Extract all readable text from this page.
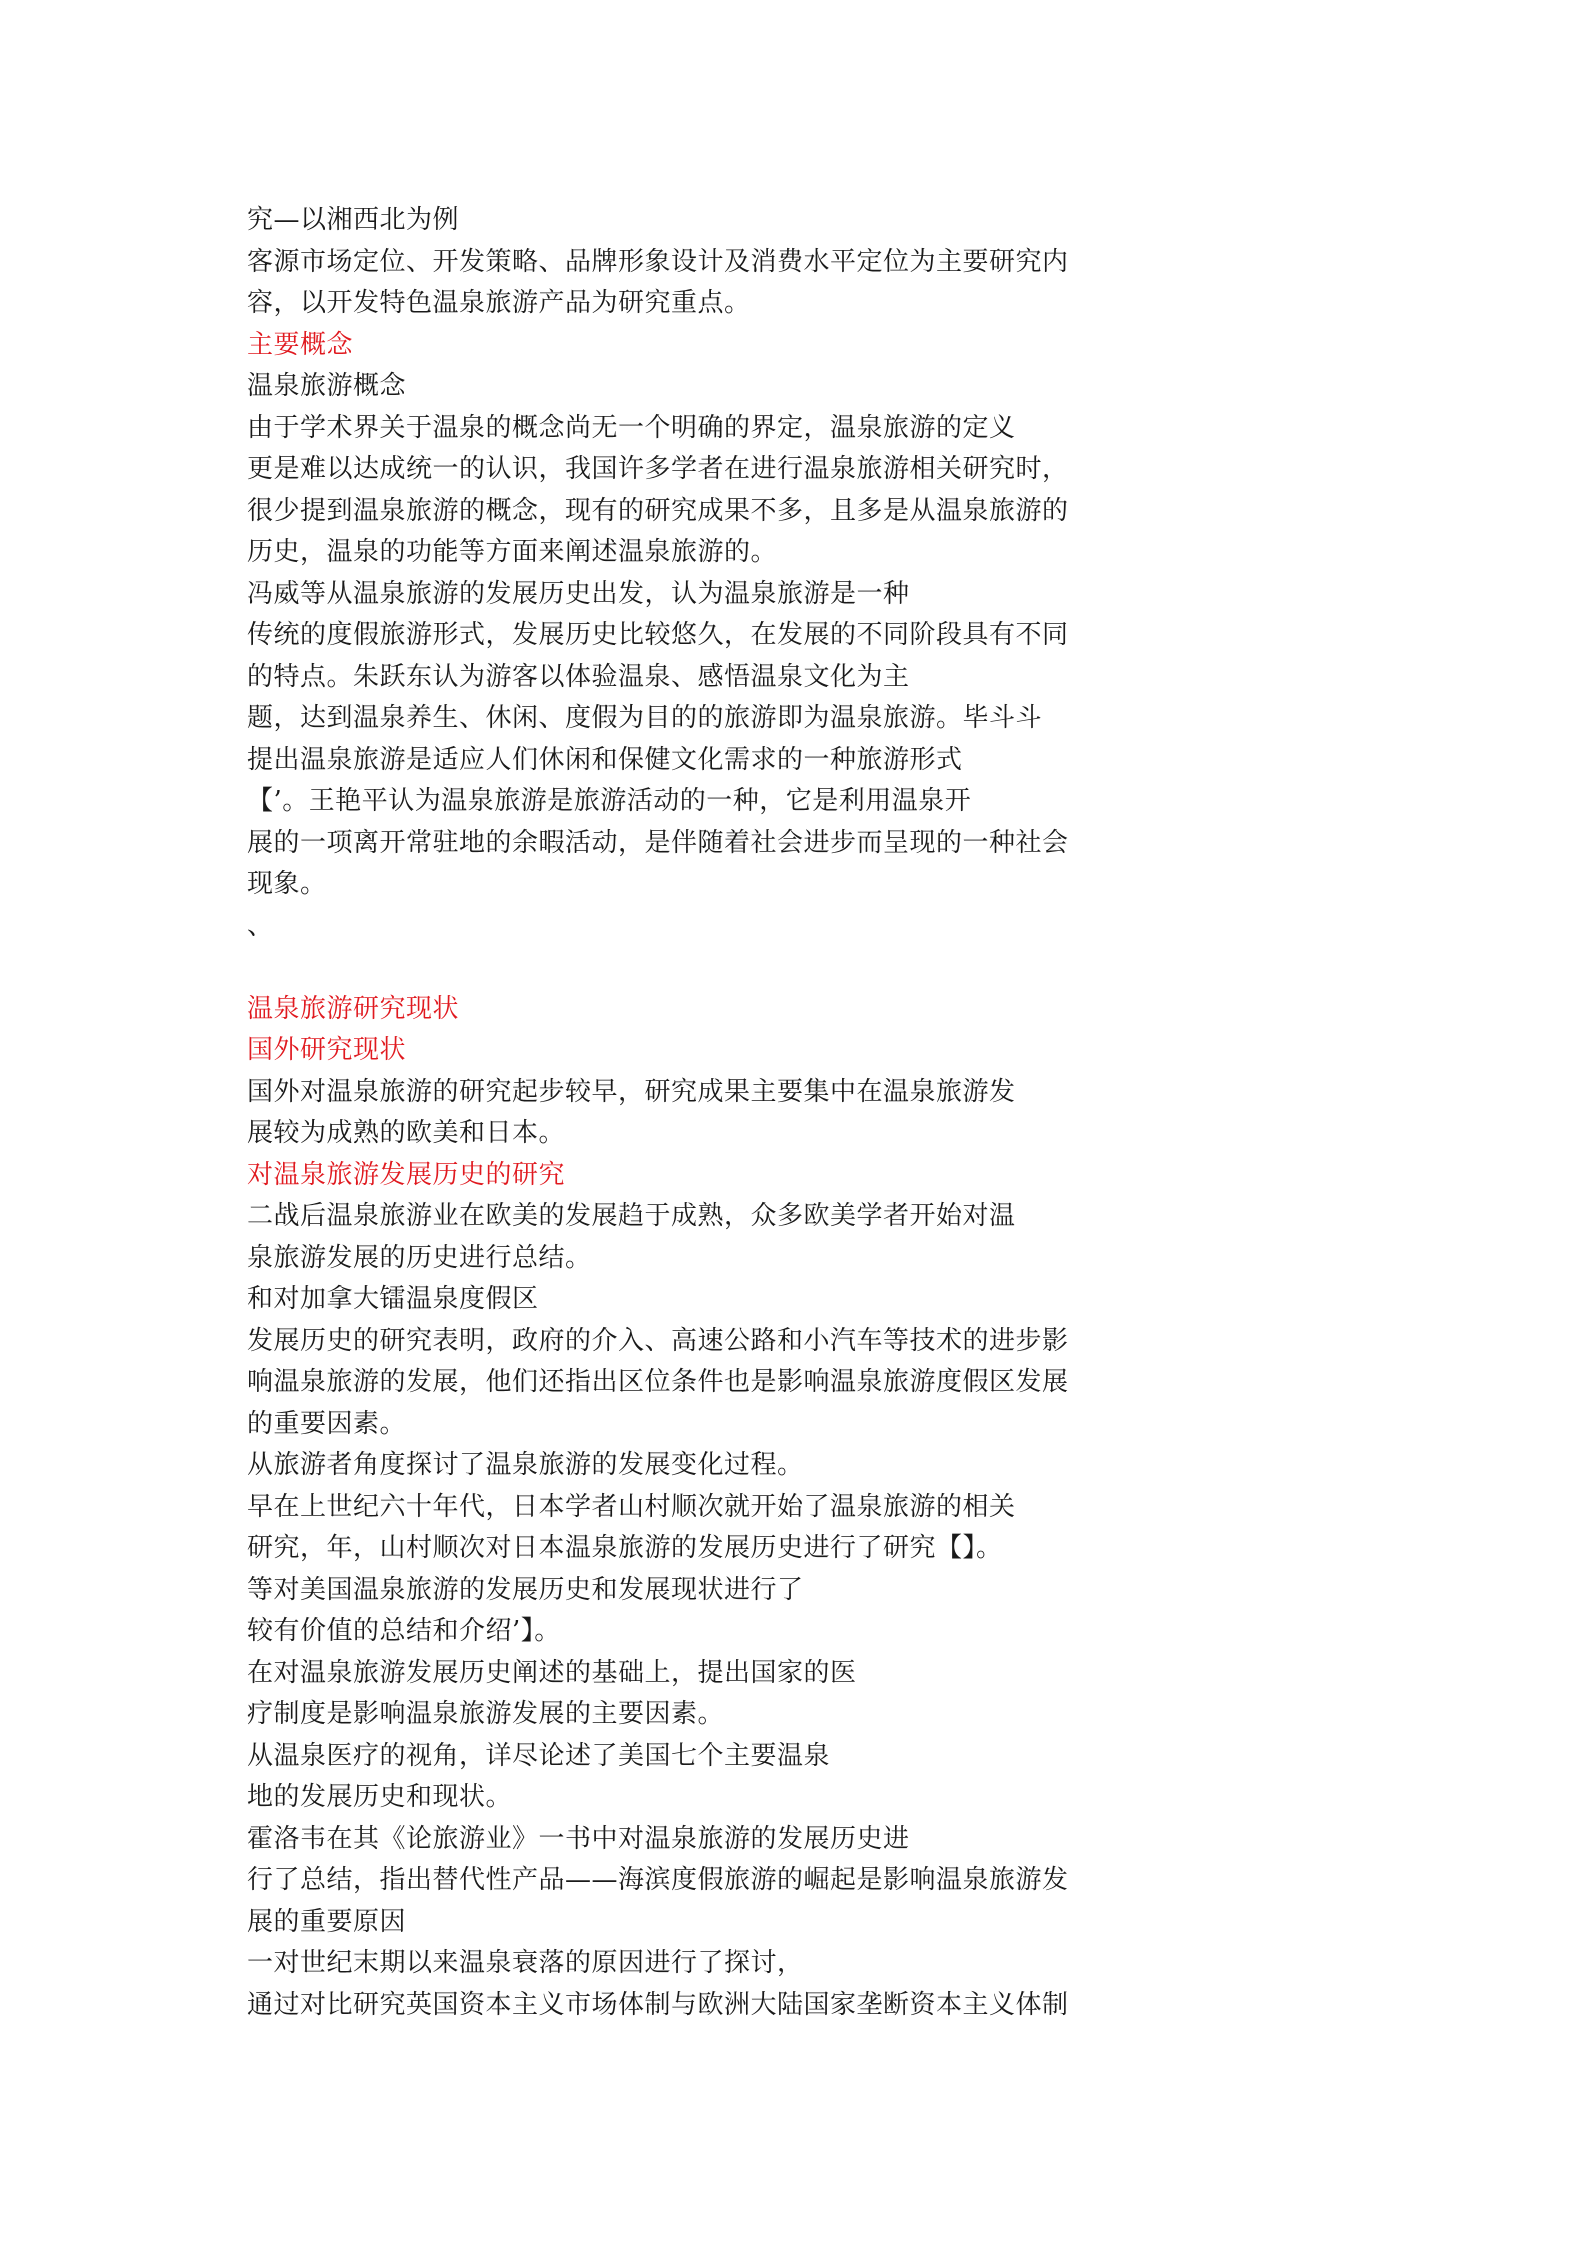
究—以湘西北为例
客源市场定位、开发策略、品牌形象设计及消费水平定位为主要研究内
容，以开发特色温泉旅游产品为研究重点。
主要概念
温泉旅游概念
由于学术界关于温泉的概念尚无一个明确的界定，温泉旅游的定义
更是难以达成统一的认识，我国许多学者在进行温泉旅游相关研究时，
很少提到温泉旅游的概念，现有的研究成果不多，且多是从温泉旅游的
历史，温泉的功能等方面来阐述温泉旅游的。
冯威等从温泉旅游的发展历史出发，认为温泉旅游是一种
传统的度假旅游形式，发展历史比较悠久，在发展的不同阶段具有不同
的特点。朱跃东认为游客以体验温泉、感悟温泉文化为主
题，达到温泉养生、休闲、度假为目的的旅游即为温泉旅游。毕斗斗
提出温泉旅游是适应人们休闲和保健文化需求的一种旅游形式
【’。王艳平认为温泉旅游是旅游活动的一种，它是利用温泉开
展的一项离开常驻地的余暇活动，是伴随着社会进步而呈现的一种社会
现象。
、
温泉旅游研究现状
国外研究现状
国外对温泉旅游的研究起步较早，研究成果主要集中在温泉旅游发
展较为成熟的欧美和日本。
对温泉旅游发展历史的研究
二战后温泉旅游业在欧美的发展趋于成熟，众多欧美学者开始对温
泉旅游发展的历史进行总结。
和对加拿大镭温泉度假区
发展历史的研究表明，政府的介入、高速公路和小汽车等技术的进步影
响温泉旅游的发展，他们还指出区位条件也是影响温泉旅游度假区发展
的重要因素。
从旅游者角度探讨了温泉旅游的发展变化过程。
早在上世纪六十年代，日本学者山村顺次就开始了温泉旅游的相关
研究，年，山村顺次对日本温泉旅游的发展历史进行了研究【】。
等对美国温泉旅游的发展历史和发展现状进行了
较有价值的总结和介绍’】。
在对温泉旅游发展历史阐述的基础上，提出国家的医
疗制度是影响温泉旅游发展的主要因素。
从温泉医疗的视角，详尽论述了美国七个主要温泉
地的发展历史和现状。
霍洛韦在其《论旅游业》一书中对温泉旅游的发展历史进
行了总结，指出替代性产品——海滨度假旅游的崛起是影响温泉旅游发
展的重要原因
一对世纪末期以来温泉衰落的原因进行了探讨，
通过对比研究英国资本主义市场体制与欧洲大陆国家垄断资本主义体制
